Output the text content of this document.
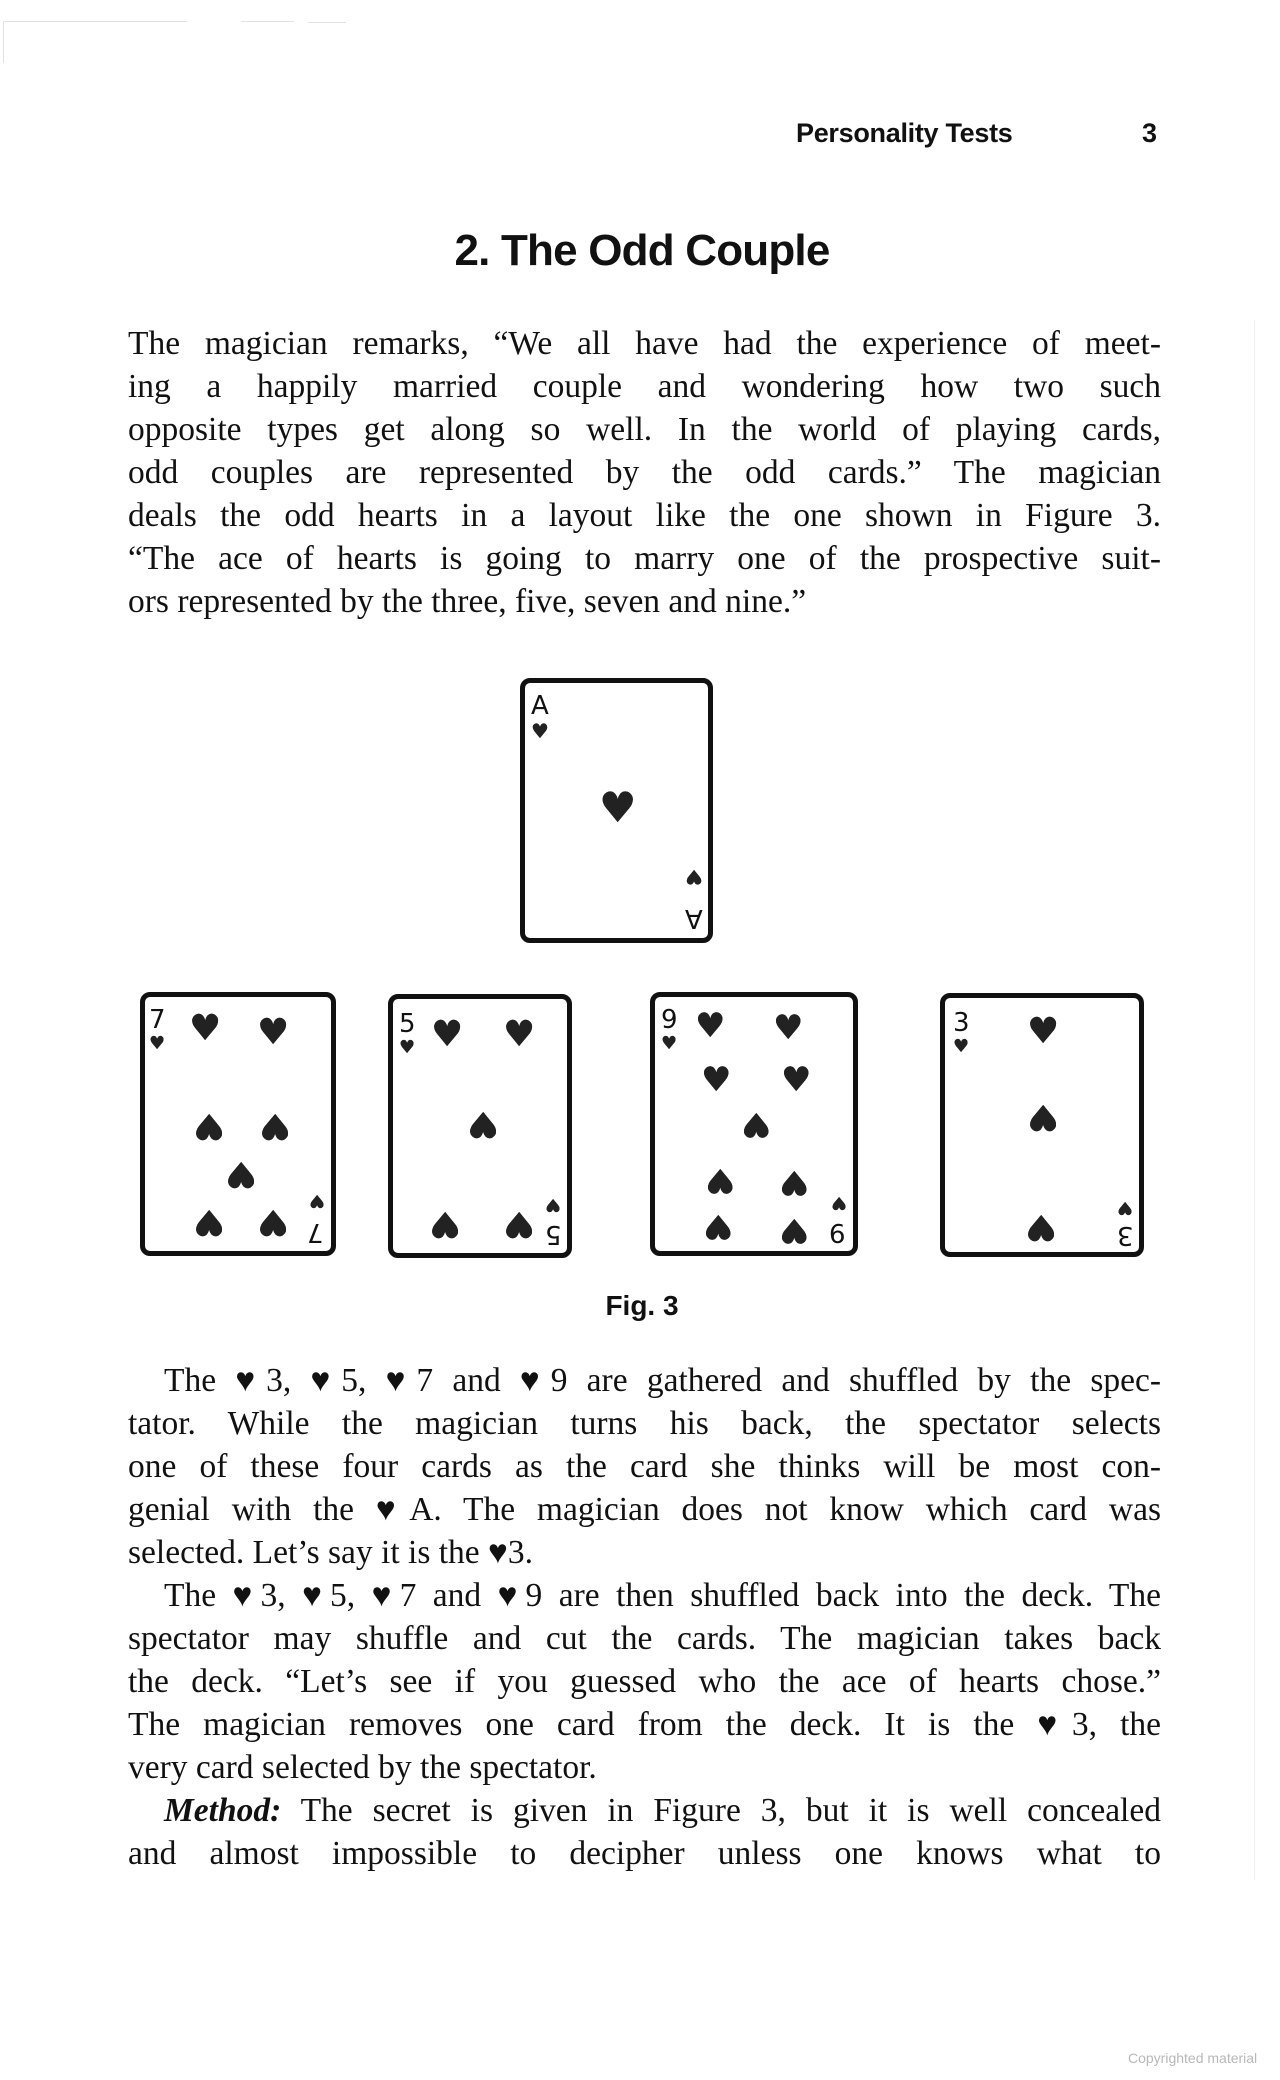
Personality Tests	3
2. The Odd Couple
The magician remarks, “We all have had the experience of meet-
ing a happily married couple and wondering how two such
opposite types get along so well. In the world of playing cards,
odd couples are represented by the odd cards.” The magician
deals the odd hearts in a layout like the one shown in Figure 3.
“The ace of hearts is going to marry one of the prospective suit-
ors represented by the three, five, seven and nine.”
A
♥
♥
♥
A
7
♥ ♥ ♥
♥ ♥
♥
♥ ♥
♥
7
5
♥ ♥ ♥
♥
♥ ♥ ♥
5
9
♥ ♥ ♥
♥ ♥
♥
♥ ♥
♥ ♥
♥
9
3
♥ ♥
♥
♥	♥
3
Fig. 3
The ♥3, ♥5, ♥7 and ♥9 are gathered and shuffled by the spec-
tator. While the magician turns his back, the spectator selects
one of these four cards as the card she thinks will be most con-
genial with the ♥A. The magician does not know which card was
selected. Let’s say it is the ♥3.
The ♥3, ♥5, ♥7 and ♥9 are then shuffled back into the deck. The
spectator may shuffle and cut the cards. The magician takes back
the deck. “Let’s see if you guessed who the ace of hearts chose.”
The magician removes one card from the deck. It is the ♥3, the
very card selected by the spectator.
Method: The secret is given in Figure 3, but it is well concealed
and almost impossible to decipher unless one knows what to
Copyrighted material
